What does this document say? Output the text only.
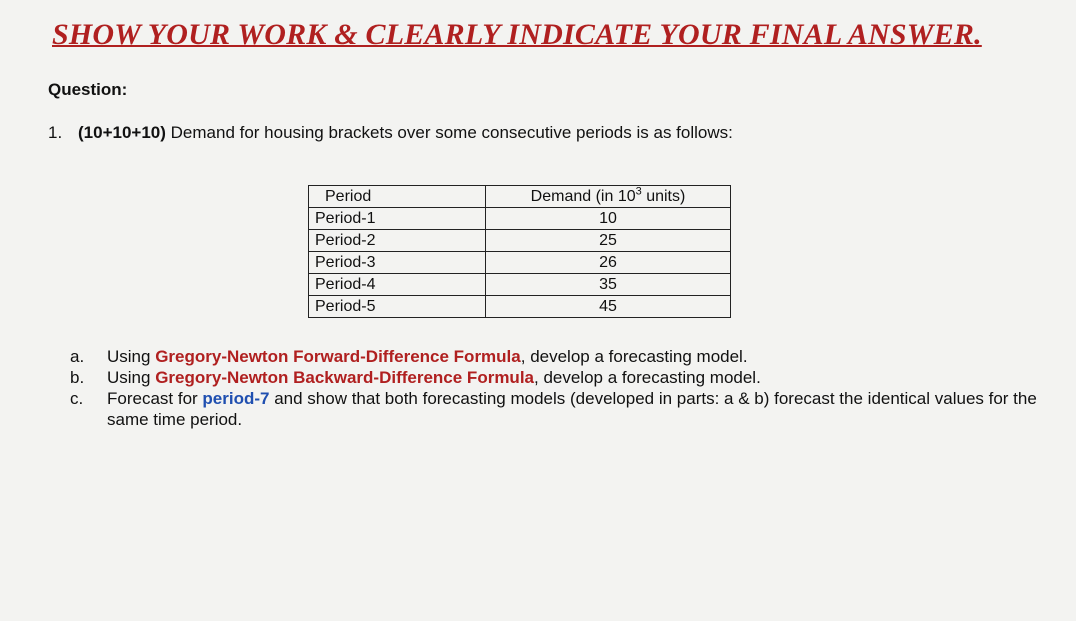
SHOW YOUR WORK & CLEARLY INDICATE YOUR FINAL ANSWER.
Question:
1. (10+10+10) Demand for housing brackets over some consecutive periods is as follows:
Period	Demand (in $10^3$ units)
Period-1	10
Period-2	25
Period-3	26
Period-4	35
Period-5	45
a.	Using Gregory-Newton Forward-Difference Formula, develop a forecasting model.
b.	Using Gregory-Newton Backward-Difference Formula, develop a forecasting model.
c.	Forecast for period-7 and show that both forecasting models (developed in parts: a & b) forecast the identical values for the same time period.
